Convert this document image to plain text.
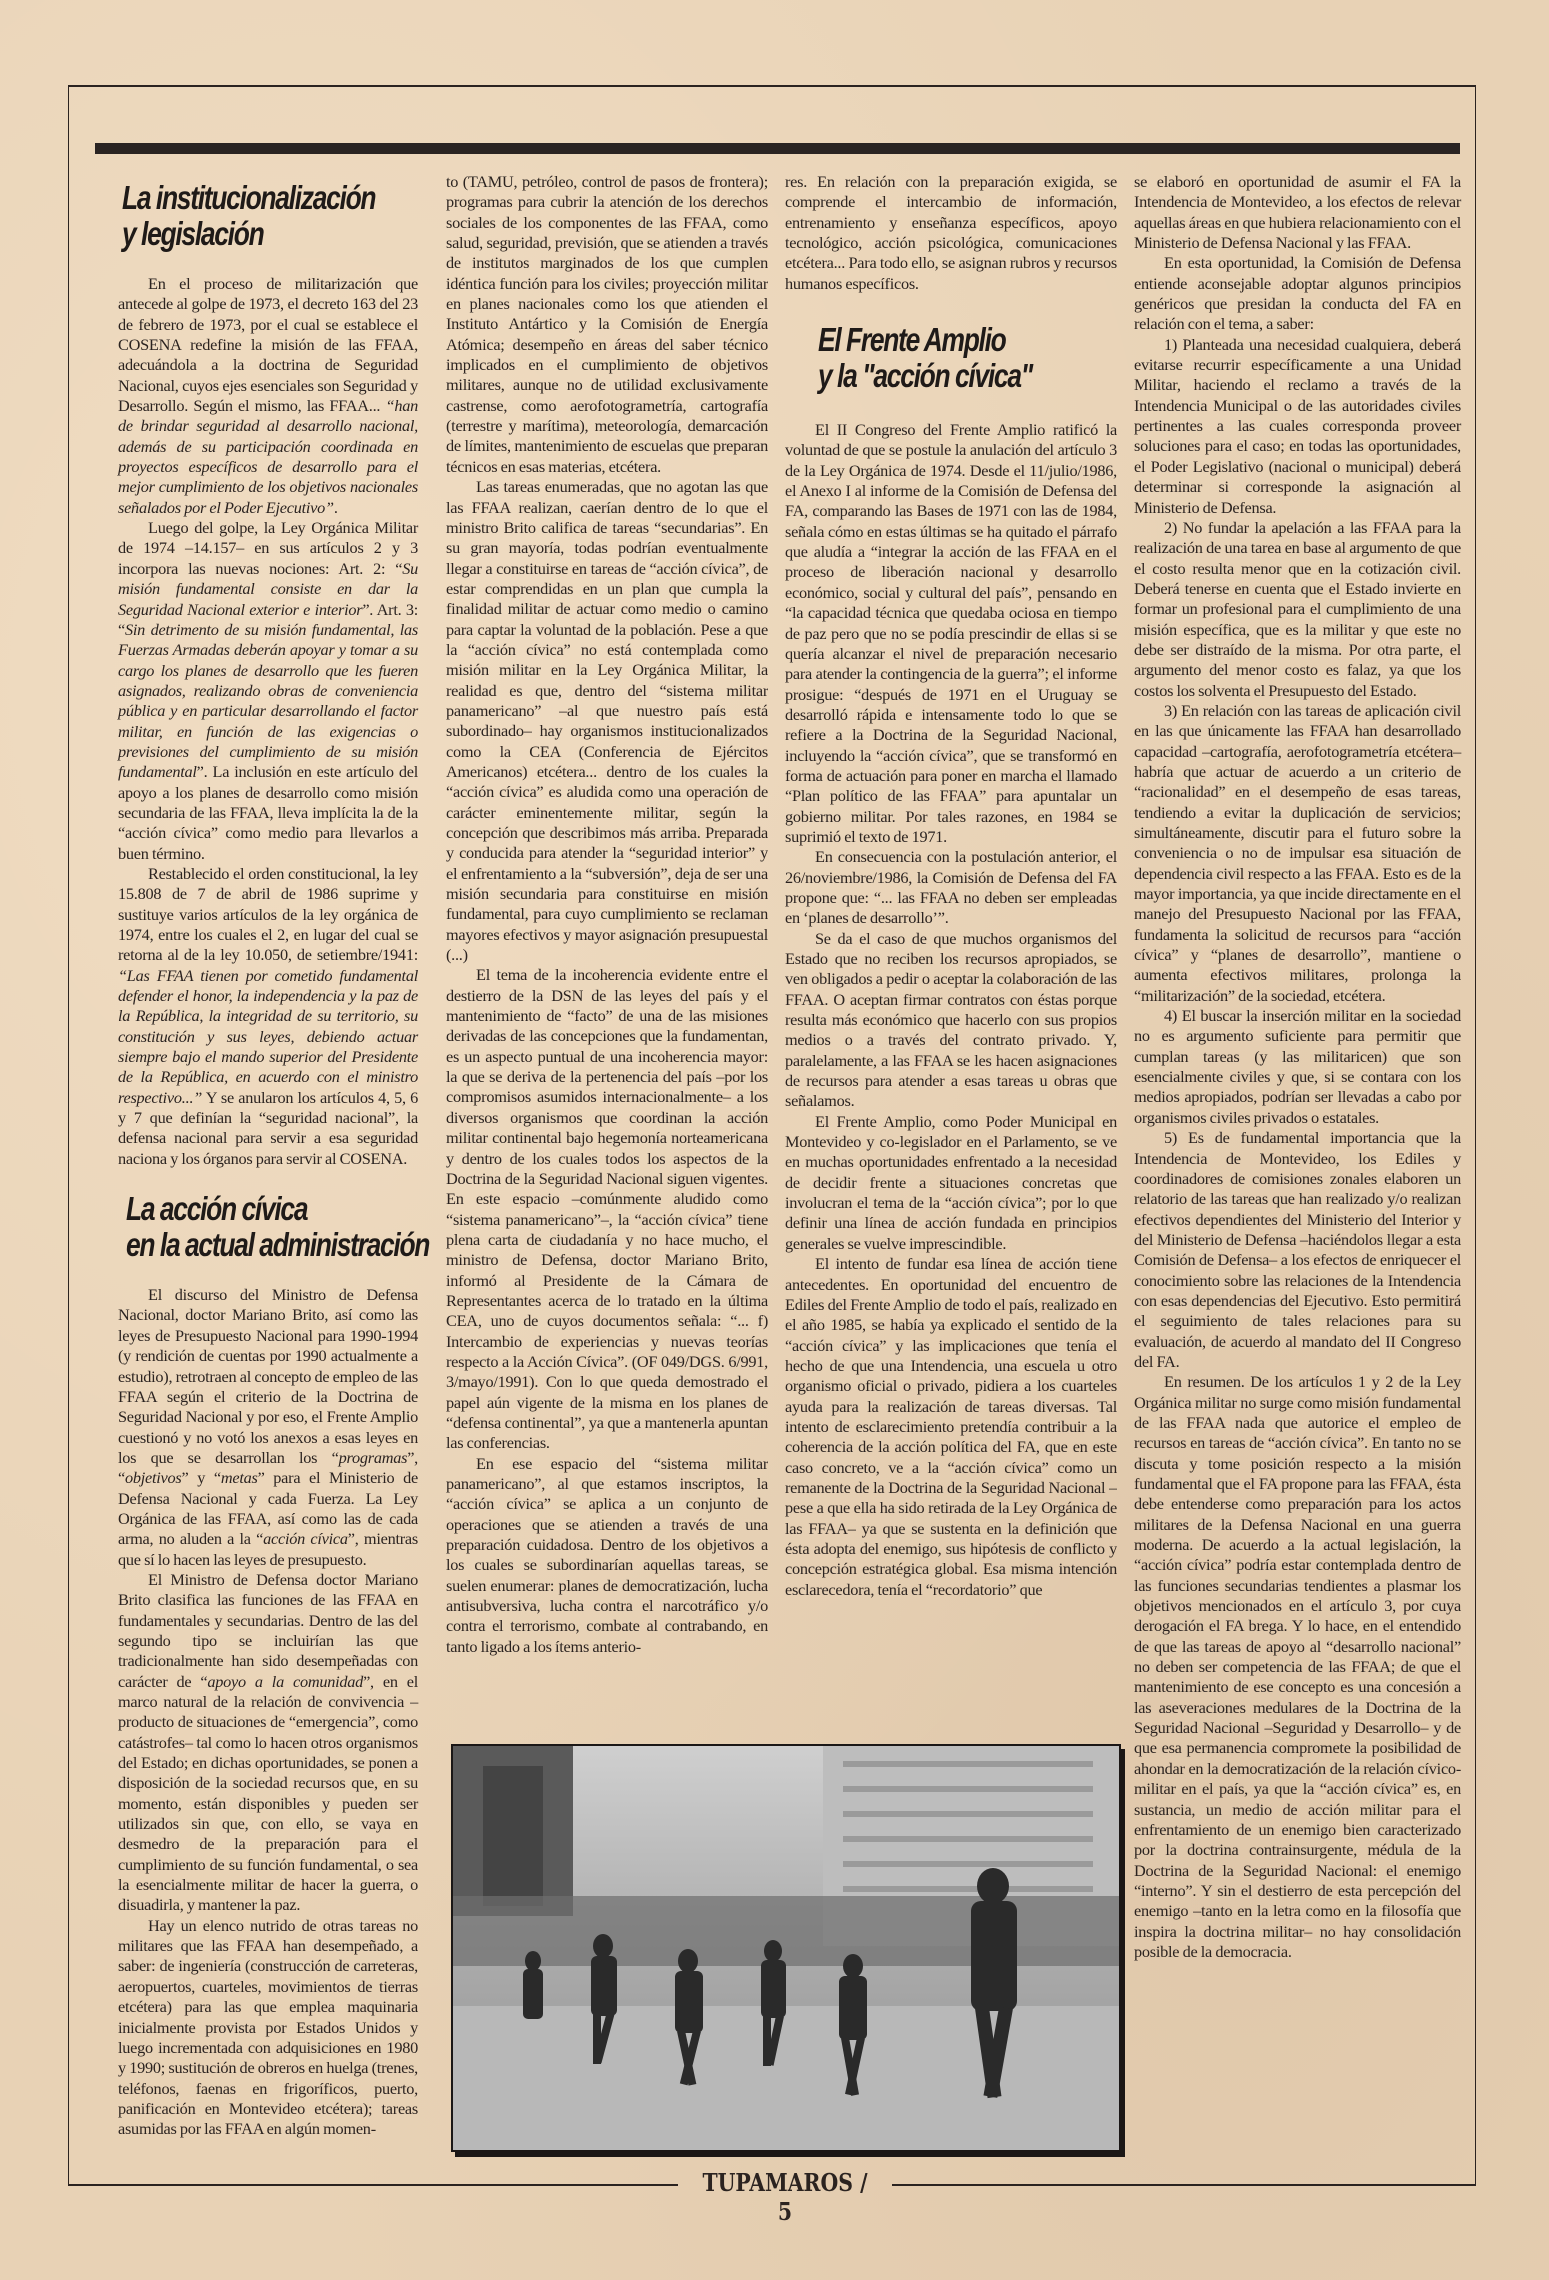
La institucionalización
y legislación

En el proceso de militarización que antecede al golpe de 1973, el decreto 163 del 23 de febrero de 1973, por el cual se establece el COSENA redefine la misión de las FFAA, adecuándola a la doctrina de Seguridad Nacional, cuyos ejes esenciales son Seguridad y Desarrollo. Según el mismo, las FFAA... “han de brindar seguridad al desarrollo nacional, además de su participación coordinada en proyectos específicos de desarrollo para el mejor cumplimiento de los objetivos nacionales señalados por el Poder Ejecutivo”.

Luego del golpe, la Ley Orgánica Militar de 1974 –14.157– en sus artículos 2 y 3 incorpora las nuevas nociones: Art. 2: “Su misión fundamental consiste en dar la Seguridad Nacional exterior e interior”. Art. 3: “Sin detrimento de su misión fundamental, las Fuerzas Armadas deberán apoyar y tomar a su cargo los planes de desarrollo que les fueren asignados, realizando obras de conveniencia pública y en particular desarrollando el factor militar, en función de las exigencias o previsiones del cumplimiento de su misión fundamental”. La inclusión en este artículo del apoyo a los planes de desarrollo como misión secundaria de las FFAA, lleva implícita la de la “acción cívica” como medio para llevarlos a buen término.

Restablecido el orden constitucional, la ley 15.808 de 7 de abril de 1986 suprime y sustituye varios artículos de la ley orgánica de 1974, entre los cuales el 2, en lugar del cual se retorna al de la ley 10.050, de setiembre/1941: “Las FFAA tienen por cometido fundamental defender el honor, la independencia y la paz de la República, la integridad de su territorio, su constitución y sus leyes, debiendo actuar siempre bajo el mando superior del Presidente de la República, en acuerdo con el ministro respectivo...” Y se anularon los artículos 4, 5, 6 y 7 que definían la “seguridad nacional”, la defensa nacional para servir a esa seguridad naciona y los órganos para servir al COSENA.

La acción cívica
en la actual administración

El discurso del Ministro de Defensa Nacional, doctor Mariano Brito, así como las leyes de Presupuesto Nacional para 1990-1994 (y rendición de cuentas por 1990 actualmente a estudio), retrotraen al concepto de empleo de las FFAA según el criterio de la Doctrina de Seguridad Nacional y por eso, el Frente Amplio cuestionó y no votó los anexos a esas leyes en los que se desarrollan los “programas”, “objetivos” y “metas” para el Ministerio de Defensa Nacional y cada Fuerza. La Ley Orgánica de las FFAA, así como las de cada arma, no aluden a la “acción cívica”, mientras que sí lo hacen las leyes de presupuesto.

El Ministro de Defensa doctor Mariano Brito clasifica las funciones de las FFAA en fundamentales y secundarias. Dentro de las del segundo tipo se incluirían las que tradicionalmente han sido desempeñadas con carácter de “apoyo a la comunidad”, en el marco natural de la relación de convivencia –producto de situaciones de “emergencia”, como catástrofes– tal como lo hacen otros organismos del Estado; en dichas oportunidades, se ponen a disposición de la sociedad recursos que, en su momento, están disponibles y pueden ser utilizados sin que, con ello, se vaya en desmedro de la preparación para el cumplimiento de su función fundamental, o sea la esencialmente militar de hacer la guerra, o disuadirla, y mantener la paz.

Hay un elenco nutrido de otras tareas no militares que las FFAA han desempeñado, a saber: de ingeniería (construcción de carreteras, aeropuertos, cuarteles, movimientos de tierras etcétera) para las que emplea maquinaria inicialmente provista por Estados Unidos y luego incrementada con adquisiciones en 1980 y 1990; sustitución de obreros en huelga (trenes, teléfonos, faenas en frigoríficos, puerto, panificación en Montevideo etcétera); tareas asumidas por las FFAA en algún momen-

to (TAMU, petróleo, control de pasos de frontera); programas para cubrir la atención de los derechos sociales de los componentes de las FFAA, como salud, seguridad, previsión, que se atienden a través de institutos marginados de los que cumplen idéntica función para los civiles; proyección militar en planes nacionales como los que atienden el Instituto Antártico y la Comisión de Energía Atómica; desempeño en áreas del saber técnico implicados en el cumplimiento de objetivos militares, aunque no de utilidad exclusivamente castrense, como aerofotogrametría, cartografía (terrestre y marítima), meteorología, demarcación de límites, mantenimiento de escuelas que preparan técnicos en esas materias, etcétera.

Las tareas enumeradas, que no agotan las que las FFAA realizan, caerían dentro de lo que el ministro Brito califica de tareas “secundarias”. En su gran mayoría, todas podrían eventualmente llegar a constituirse en tareas de “acción cívica”, de estar comprendidas en un plan que cumpla la finalidad militar de actuar como medio o camino para captar la voluntad de la población. Pese a que la “acción cívica” no está contemplada como misión militar en la Ley Orgánica Militar, la realidad es que, dentro del “sistema militar panamericano” –al que nuestro país está subordinado– hay organismos institucionalizados como la CEA (Conferencia de Ejércitos Americanos) etcétera... dentro de los cuales la “acción cívica” es aludida como una operación de carácter eminentemente militar, según la concepción que describimos más arriba. Preparada y conducida para atender la “seguridad interior” y el enfrentamiento a la “subversión”, deja de ser una misión secundaria para constituirse en misión fundamental, para cuyo cumplimiento se reclaman mayores efectivos y mayor asignación presupuestal (...)

El tema de la incoherencia evidente entre el destierro de la DSN de las leyes del país y el mantenimiento de “facto” de una de las misiones derivadas de las concepciones que la fundamentan, es un aspecto puntual de una incoherencia mayor: la que se deriva de la pertenencia del país –por los compromisos asumidos internacionalmente– a los diversos organismos que coordinan la acción militar continental bajo hegemonía norteamericana y dentro de los cuales todos los aspectos de la Doctrina de la Seguridad Nacional siguen vigentes. En este espacio –comúnmente aludido como “sistema panamericano”–, la “acción cívica” tiene plena carta de ciudadanía y no hace mucho, el ministro de Defensa, doctor Mariano Brito, informó al Presidente de la Cámara de Representantes acerca de lo tratado en la última CEA, uno de cuyos documentos señala: “... f) Intercambio de experiencias y nuevas teorías respecto a la Acción Cívica”. (OF 049/DGS. 6/991, 3/mayo/1991). Con lo que queda demostrado el papel aún vigente de la misma en los planes de “defensa continental”, ya que a mantenerla apuntan las conferencias.

En ese espacio del “sistema militar panamericano”, al que estamos inscriptos, la “acción cívica” se aplica a un conjunto de operaciones que se atienden a través de una preparación cuidadosa. Dentro de los objetivos a los cuales se subordinarían aquellas tareas, se suelen enumerar: planes de democratización, lucha antisubversiva, lucha contra el narcotráfico y/o contra el terrorismo, combate al contrabando, en tanto ligado a los ítems anterio-

res. En relación con la preparación exigida, se comprende el intercambio de información, entrenamiento y enseñanza específicos, apoyo tecnológico, acción psicológica, comunicaciones etcétera... Para todo ello, se asignan rubros y recursos humanos específicos.

El Frente Amplio
y la "acción cívica"

El II Congreso del Frente Amplio ratificó la voluntad de que se postule la anulación del artículo 3 de la Ley Orgánica de 1974. Desde el 11/julio/1986, el Anexo I al informe de la Comisión de Defensa del FA, comparando las Bases de 1971 con las de 1984, señala cómo en estas últimas se ha quitado el párrafo que aludía a “integrar la acción de las FFAA en el proceso de liberación nacional y desarrollo económico, social y cultural del país”, pensando en “la capacidad técnica que quedaba ociosa en tiempo de paz pero que no se podía prescindir de ellas si se quería alcanzar el nivel de preparación necesario para atender la contingencia de la guerra”; el informe prosigue: “después de 1971 en el Uruguay se desarrolló rápida e intensamente todo lo que se refiere a la Doctrina de la Seguridad Nacional, incluyendo la “acción cívica”, que se transformó en forma de actuación para poner en marcha el llamado “Plan político de las FFAA” para apuntalar un gobierno militar. Por tales razones, en 1984 se suprimió el texto de 1971.

En consecuencia con la postulación anterior, el 26/noviembre/1986, la Comisión de Defensa del FA propone que: “... las FFAA no deben ser empleadas en ‘planes de desarrollo’”.

Se da el caso de que muchos organismos del Estado que no reciben los recursos apropiados, se ven obligados a pedir o aceptar la colaboración de las FFAA. O aceptan firmar contratos con éstas porque resulta más económico que hacerlo con sus propios medios o a través del contrato privado. Y, paralelamente, a las FFAA se les hacen asignaciones de recursos para atender a esas tareas u obras que señalamos.

El Frente Amplio, como Poder Municipal en Montevideo y co-legislador en el Parlamento, se ve en muchas oportunidades enfrentado a la necesidad de decidir frente a situaciones concretas que involucran el tema de la “acción cívica”; por lo que definir una línea de acción fundada en principios generales se vuelve imprescindible.

El intento de fundar esa línea de acción tiene antecedentes. En oportunidad del encuentro de Ediles del Frente Amplio de todo el país, realizado en el año 1985, se había ya explicado el sentido de la “acción cívica” y las implicaciones que tenía el hecho de que una Intendencia, una escuela u otro organismo oficial o privado, pidiera a los cuarteles ayuda para la realización de tareas diversas. Tal intento de esclarecimiento pretendía contribuir a la coherencia de la acción política del FA, que en este caso concreto, ve a la “acción cívica” como un remanente de la Doctrina de la Seguridad Nacional –pese a que ella ha sido retirada de la Ley Orgánica de las FFAA– ya que se sustenta en la definición que ésta adopta del enemigo, sus hipótesis de conflicto y concepción estratégica global. Esa misma intención esclarecedora, tenía el “recordatorio” que

se elaboró en oportunidad de asumir el FA la Intendencia de Montevideo, a los efectos de relevar aquellas áreas en que hubiera relacionamiento con el Ministerio de Defensa Nacional y las FFAA.

En esta oportunidad, la Comisión de Defensa entiende aconsejable adoptar algunos principios genéricos que presidan la conducta del FA en relación con el tema, a saber:

1) Planteada una necesidad cualquiera, deberá evitarse recurrir específicamente a una Unidad Militar, haciendo el reclamo a través de la Intendencia Municipal o de las autoridades civiles pertinentes a las cuales corresponda proveer soluciones para el caso; en todas las oportunidades, el Poder Legislativo (nacional o municipal) deberá determinar si corresponde la asignación al Ministerio de Defensa.

2) No fundar la apelación a las FFAA para la realización de una tarea en base al argumento de que el costo resulta menor que en la cotización civil. Deberá tenerse en cuenta que el Estado invierte en formar un profesional para el cumplimiento de una misión específica, que es la militar y que este no debe ser distraído de la misma. Por otra parte, el argumento del menor costo es falaz, ya que los costos los solventa el Presupuesto del Estado.

3) En relación con las tareas de aplicación civil en las que únicamente las FFAA han desarrollado capacidad –cartografía, aerofotogrametría etcétera– habría que actuar de acuerdo a un criterio de “racionalidad” en el desempeño de esas tareas, tendiendo a evitar la duplicación de servicios; simultáneamente, discutir para el futuro sobre la conveniencia o no de impulsar esa situación de dependencia civil respecto a las FFAA. Esto es de la mayor importancia, ya que incide directamente en el manejo del Presupuesto Nacional por las FFAA, fundamenta la solicitud de recursos para “acción cívica” y “planes de desarrollo”, mantiene o aumenta efectivos militares, prolonga la “militarización” de la sociedad, etcétera.

4) El buscar la inserción militar en la sociedad no es argumento suficiente para permitir que cumplan tareas (y las militaricen) que son esencialmente civiles y que, si se contara con los medios apropiados, podrían ser llevadas a cabo por organismos civiles privados o estatales.

5) Es de fundamental importancia que la Intendencia de Montevideo, los Ediles y coordinadores de comisiones zonales elaboren un relatorio de las tareas que han realizado y/o realizan efectivos dependientes del Ministerio del Interior y del Ministerio de Defensa –haciéndolos llegar a esta Comisión de Defensa– a los efectos de enriquecer el conocimiento sobre las relaciones de la Intendencia con esas dependencias del Ejecutivo. Esto permitirá el seguimiento de tales relaciones para su evaluación, de acuerdo al mandato del II Congreso del FA.

En resumen. De los artículos 1 y 2 de la Ley Orgánica militar no surge como misión fundamental de las FFAA nada que autorice el empleo de recursos en tareas de “acción cívica”. En tanto no se discuta y tome posición respecto a la misión fundamental que el FA propone para las FFAA, ésta debe entenderse como preparación para los actos militares de la Defensa Nacional en una guerra moderna. De acuerdo a la actual legislación, la “acción cívica” podría estar contemplada dentro de las funciones secundarias tendientes a plasmar los objetivos mencionados en el artículo 3, por cuya derogación el FA brega. Y lo hace, en el entendido de que las tareas de apoyo al “desarrollo nacional” no deben ser competencia de las FFAA; de que el mantenimiento de ese concepto es una concesión a las aseveraciones medulares de la Doctrina de la Seguridad Nacional –Seguridad y Desarrollo– y de que esa permanencia compromete la posibilidad de ahondar en la democratización de la relación cívico-militar en el país, ya que la “acción cívica” es, en sustancia, un medio de acción militar para el enfrentamiento de un enemigo bien caracterizado por la doctrina contrainsurgente, médula de la Doctrina de la Seguridad Nacional: el enemigo “interno”. Y sin el destierro de esta percepción del enemigo –tanto en la letra como en la filosofía que inspira la doctrina militar– no hay consolidación posible de la democracia.

TUPAMAROS / 5
